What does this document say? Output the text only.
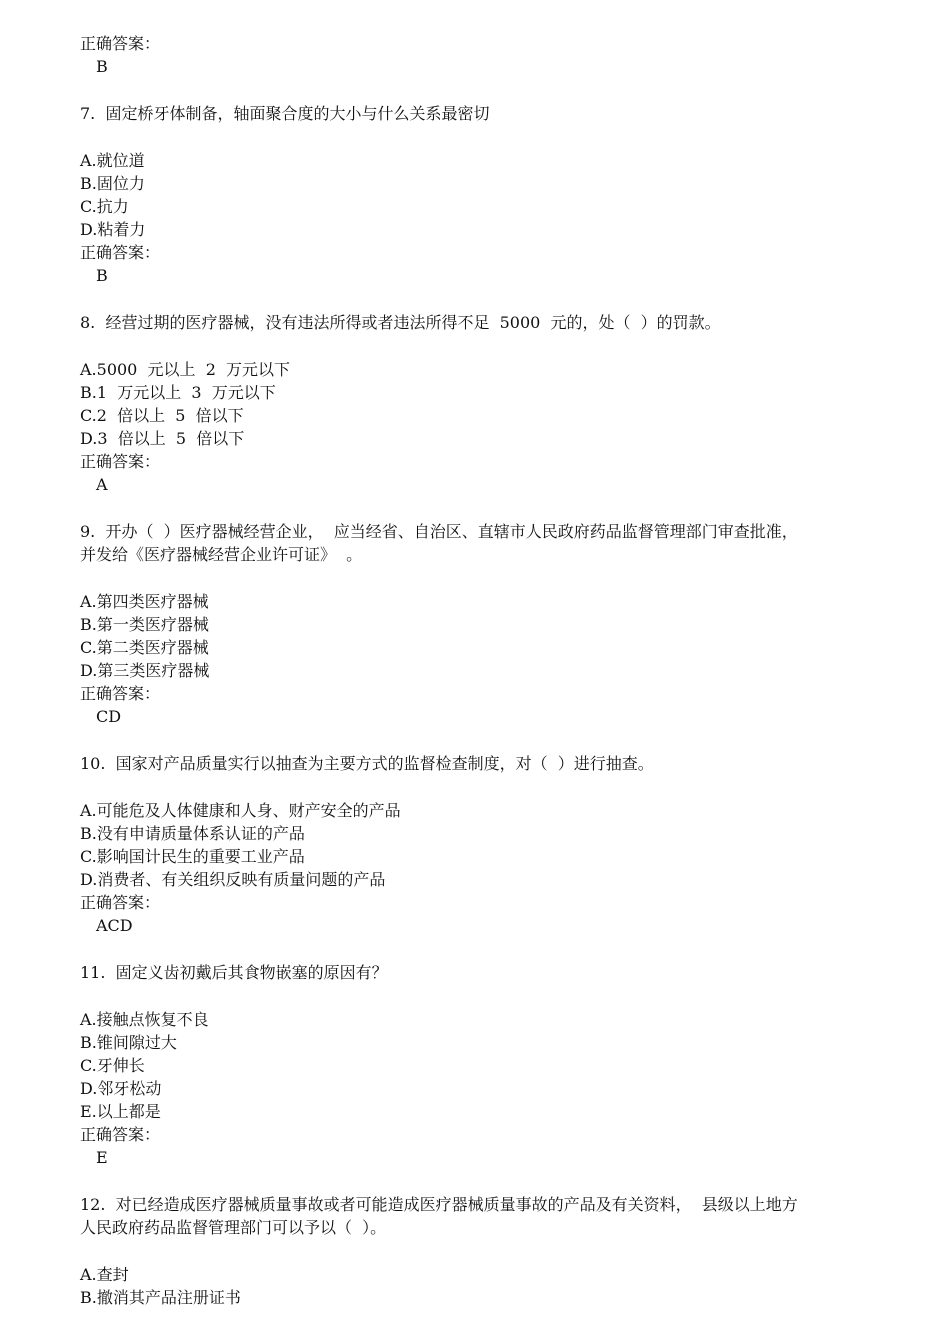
正确答案：
B
7.  固定桥牙体制备，轴面聚合度的大小与什么关系最密切
A.就位道
B.固位力
C.抗力
D.粘着力
正确答案：
B
8.  经营过期的医疗器械，没有违法所得或者违法所得不足  5000  元的，处（  ）的罚款。
A.5000  元以上  2  万元以下
B.1  万元以上  3  万元以下
C.2  倍以上  5  倍以下
D.3  倍以上  5  倍以下
正确答案：
A
9.  开办（  ）医疗器械经营企业，  应当经省、自治区、直辖市人民政府药品监督管理部门审查批准，
并发给《医疗器械经营企业许可证》  。
A.第四类医疗器械
B.第一类医疗器械
C.第二类医疗器械
D.第三类医疗器械
正确答案：
CD
10.  国家对产品质量实行以抽查为主要方式的监督检查制度，对（  ）进行抽查。
A.可能危及人体健康和人身、财产安全的产品
B.没有申请质量体系认证的产品
C.影响国计民生的重要工业产品
D.消费者、有关组织反映有质量问题的产品
正确答案：
ACD
11.  固定义齿初戴后其食物嵌塞的原因有？
A.接触点恢复不良
B.锥间隙过大
C.牙伸长
D.邻牙松动
E.以上都是
正确答案：
E
12.  对已经造成医疗器械质量事故或者可能造成医疗器械质量事故的产品及有关资料，  县级以上地方
人民政府药品监督管理部门可以予以（  ）。
A.查封
B.撤消其产品注册证书
